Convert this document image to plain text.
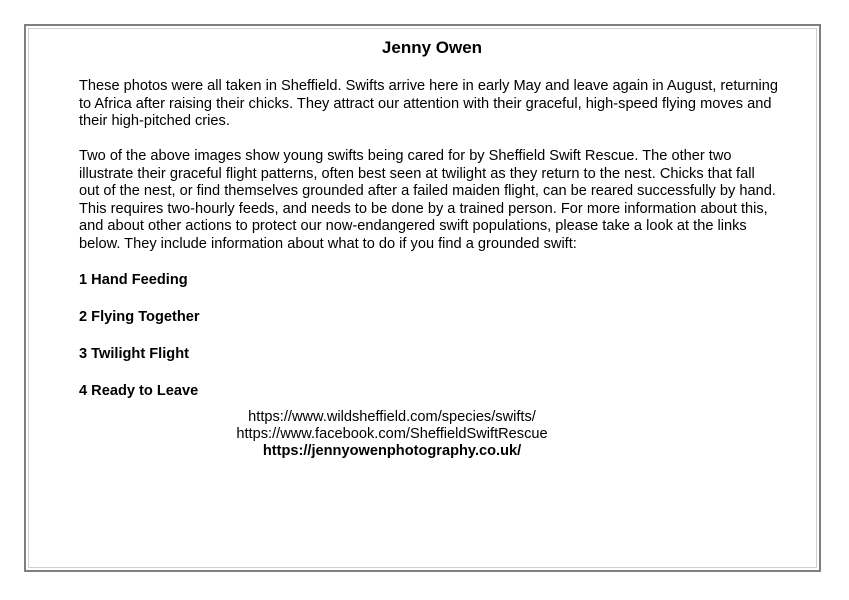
Jenny Owen

These photos were all taken in Sheffield. Swifts arrive here in early May and leave again in August, returning to Africa after raising their chicks. They attract our attention with their graceful, high-speed flying moves and their high-pitched cries.

Two of the above images show young swifts being cared for by Sheffield Swift Rescue. The other two illustrate their graceful flight patterns, often best seen at twilight as they return to the nest. Chicks that fall out of the nest, or find themselves grounded after a failed maiden flight, can be reared successfully by hand. This requires two-hourly feeds, and needs to be done by a trained person. For more information about this, and about other actions to protect our now-endangered swift populations, please take a look at the links below. They include information about what to do if you find a grounded swift:

1 Hand Feeding
2 Flying Together
3 Twilight Flight
4 Ready to Leave
https://www.wildsheffield.com/species/swifts/
https://www.facebook.com/SheffieldSwiftRescue
https://jennyowenphotography.co.uk/
